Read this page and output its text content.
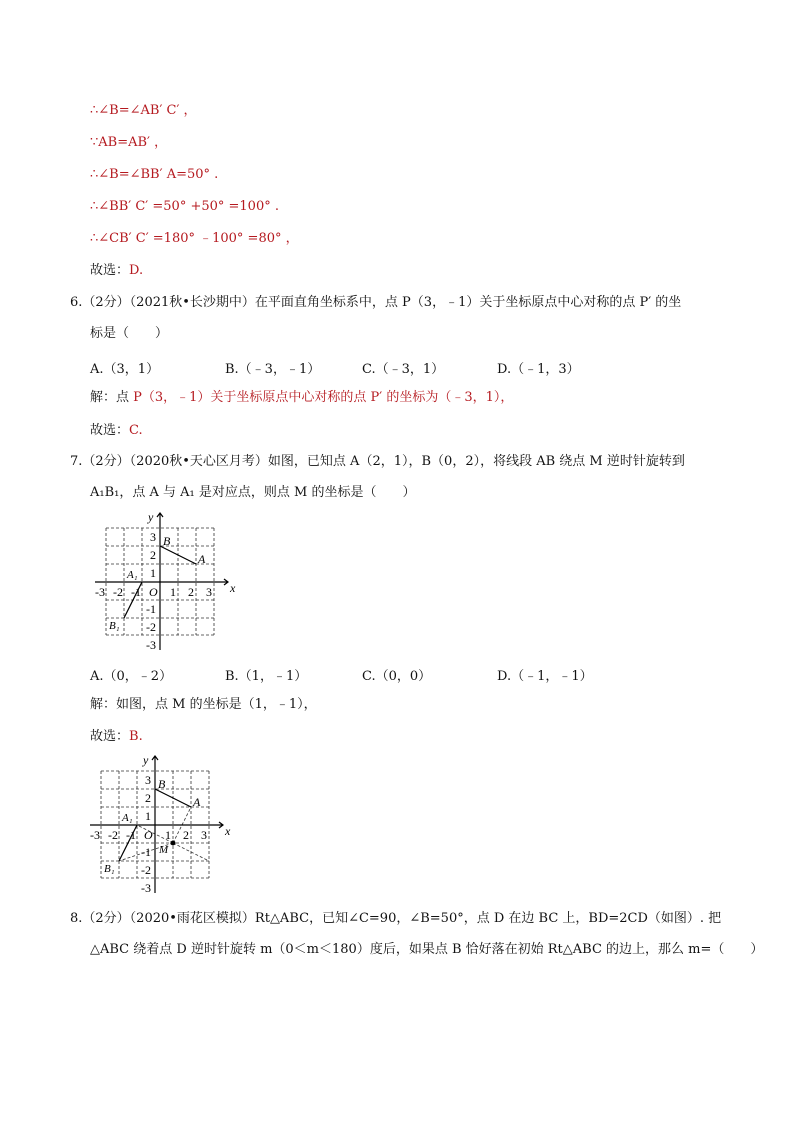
∴∠B=∠AB′ C′ ，
∵AB=AB′ ，
∴∠B=∠BB′ A=50° .
∴∠BB′ C′ =50° +50° =100° .
∴∠CB′ C′ =180° ﹣100° =80° ，
故选：D.
6.（2分）（2021秋•长沙期中）在平面直角坐标系中，点 P（3，﹣1）关于坐标原点中心对称的点 P′ 的坐
标是（　　）
A.（3，1）	B.（﹣3，﹣1）	C.（﹣3，1）	D.（﹣1，3）
解：点 P（3，﹣1）关于坐标原点中心对称的点 P′ 的坐标为（﹣3，1），
故选：C.
7.（2分）（2020秋•天心区月考）如图，已知点 A（2，1），B（0，2），将线段 AB 绕点 M 逆时针旋转到
A₁B₁，点 A 与 A₁ 是对应点，则点 M 的坐标是（　　）
x
y
O
-3 -2 -1 1 2 3
3
2
1
-1
-2
-3
B
A
A₁
B₁
A.（0，﹣2）	B.（1，﹣1）	C.（0，0）	D.（﹣1，﹣1）
解：如图，点 M 的坐标是（1，﹣1），
故选：B.
x
y
O
-3 -2 -1 1 2 3
3
2
1
-1
-2
-3
B
A
A₁
B₁
M
8.（2分）（2020•雨花区模拟）Rt△ABC，已知∠C=90，∠B=50°，点 D 在边 BC 上，BD=2CD（如图）. 把
△ABC 绕着点 D 逆时针旋转 m（0＜m＜180）度后，如果点 B 恰好落在初始 Rt△ABC 的边上，那么 m=（　　）
